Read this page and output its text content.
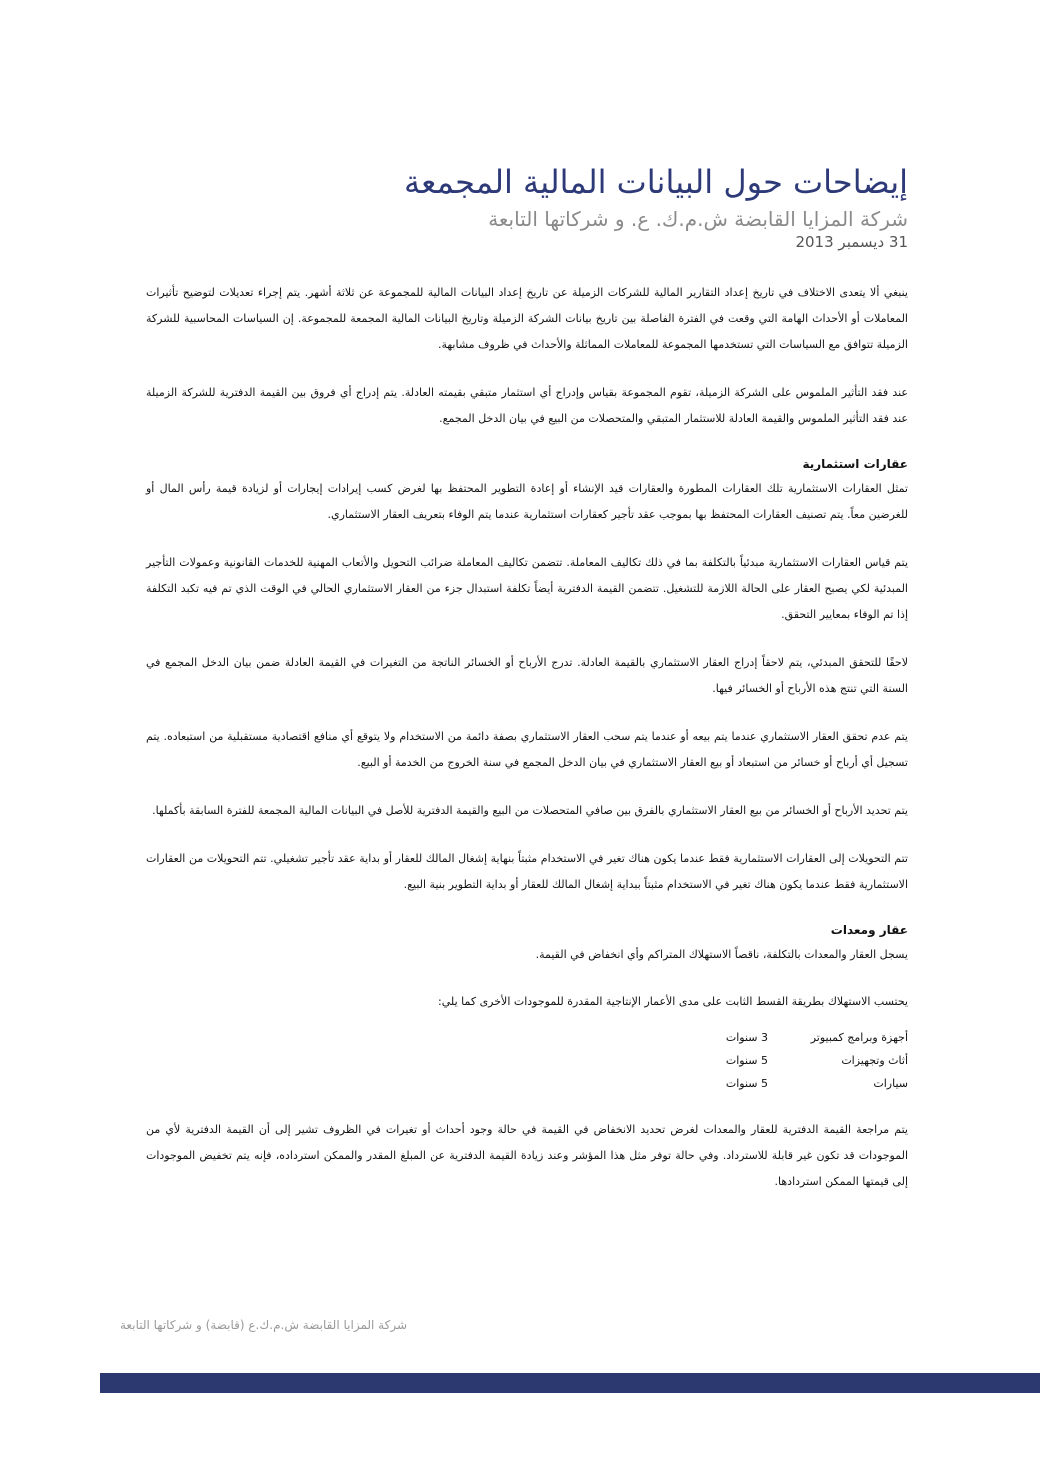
إيضاحات حول البيانات المالية المجمعة
شركة المزايا القابضة ش.م.ك. ع. و شركاتها التابعة
31 ديسمبر 2013

ينبغي ألا يتعدى الاختلاف في تاريخ إعداد التقارير المالية للشركات الزميلة عن تاريخ إعداد البيانات المالية للمجموعة عن ثلاثة أشهر. يتم إجراء تعديلات لتوضيح تأثيرات المعاملات أو الأحداث الهامة التي وقعت في الفترة الفاصلة بين تاريخ بيانات الشركة الزميلة وتاريخ البيانات المالية المجمعة للمجموعة. إن السياسات المحاسبية للشركة الزميلة تتوافق مع السياسات التي تستخدمها المجموعة للمعاملات المماثلة والأحداث في ظروف مشابهة.

عند فقد التأثير الملموس على الشركة الزميلة، تقوم المجموعة بقياس وإدراج أي استثمار متبقي بقيمته العادلة. يتم إدراج أي فروق بين القيمة الدفترية للشركة الزميلة عند فقد التأثير الملموس والقيمة العادلة للاستثمار المتبقي والمتحصلات من البيع في بيان الدخل المجمع.

عقارات استثمارية

تمثل العقارات الاستثمارية تلك العقارات المطورة والعقارات قيد الإنشاء أو إعادة التطوير المحتفظ بها لغرض كسب إيرادات إيجارات أو لزيادة قيمة رأس المال أو للغرضين معاً. يتم تصنيف العقارات المحتفظ بها بموجب عقد تأجير كعقارات استثمارية عندما يتم الوفاء بتعريف العقار الاستثماري.

يتم قياس العقارات الاستثمارية مبدئياً بالتكلفة بما في ذلك تكاليف المعاملة. تتضمن تكاليف المعاملة ضرائب التحويل والأتعاب المهنية للخدمات القانونية وعمولات التأجير المبدئية لكي يصبح العقار على الحالة اللازمة للتشغيل. تتضمن القيمة الدفترية أيضاً تكلفة استبدال جزء من العقار الاستثماري الحالي في الوقت الذي تم فيه تكبد التكلفة إذا تم الوفاء بمعايير التحقق.

لاحقًا للتحقق المبدئي، يتم لاحقاً إدراج العقار الاستثماري بالقيمة العادلة. تدرج الأرباح أو الخسائر الناتجة من التغيرات في القيمة العادلة ضمن بيان الدخل المجمع في السنة التي تنتج هذه الأرباح أو الخسائر فيها.

يتم عدم تحقق العقار الاستثماري عندما يتم بيعه أو عندما يتم سحب العقار الاستثماري بصفة دائمة من الاستخدام ولا يتوقع أي منافع اقتصادية مستقبلية من استبعاده. يتم تسجيل أي أرباح أو خسائر من استبعاد أو بيع العقار الاستثماري في بيان الدخل المجمع في سنة الخروج من الخدمة أو البيع.

يتم تحديد الأرباح أو الخسائر من بيع العقار الاستثماري بالفرق بين صافي المتحصلات من البيع والقيمة الدفترية للأصل في البيانات المالية المجمعة للفترة السابقة بأكملها.

تتم التحويلات إلى العقارات الاستثمارية فقط عندما يكون هناك تغير في الاستخدام مثبتاً بنهاية إشغال المالك للعقار أو بداية عقد تأجير تشغيلي. تتم التحويلات من العقارات الاستثمارية فقط عندما يكون هناك تغير في الاستخدام مثبتاً ببداية إشغال المالك للعقار أو بداية التطوير بنية البيع.

عقار ومعدات

يسجل العقار والمعدات بالتكلفة، ناقصاً الاستهلاك المتراكم وأي انخفاض في القيمة.

يحتسب الاستهلاك بطريقة القسط الثابت على مدى الأعمار الإنتاجية المقدرة للموجودات الأخرى كما يلي:

أجهزة وبرامج كمبيوتر
3 سنوات
أثاث وتجهيزات
5 سنوات
سيارات
5 سنوات

يتم مراجعة القيمة الدفترية للعقار والمعدات لغرض تحديد الانخفاض في القيمة في حالة وجود أحداث أو تغيرات في الظروف تشير إلى أن القيمة الدفترية لأي من الموجودات قد تكون غير قابلة للاسترداد. وفي حالة توفر مثل هذا المؤشر وعند زيادة القيمة الدفترية عن المبلغ المقدر والممكن استرداده، فإنه يتم تخفيض الموجودات إلى قيمتها الممكن استردادها.

شركة المزايا القابضة ش.م.ك.ع (قابضة) و شركاتها التابعة
